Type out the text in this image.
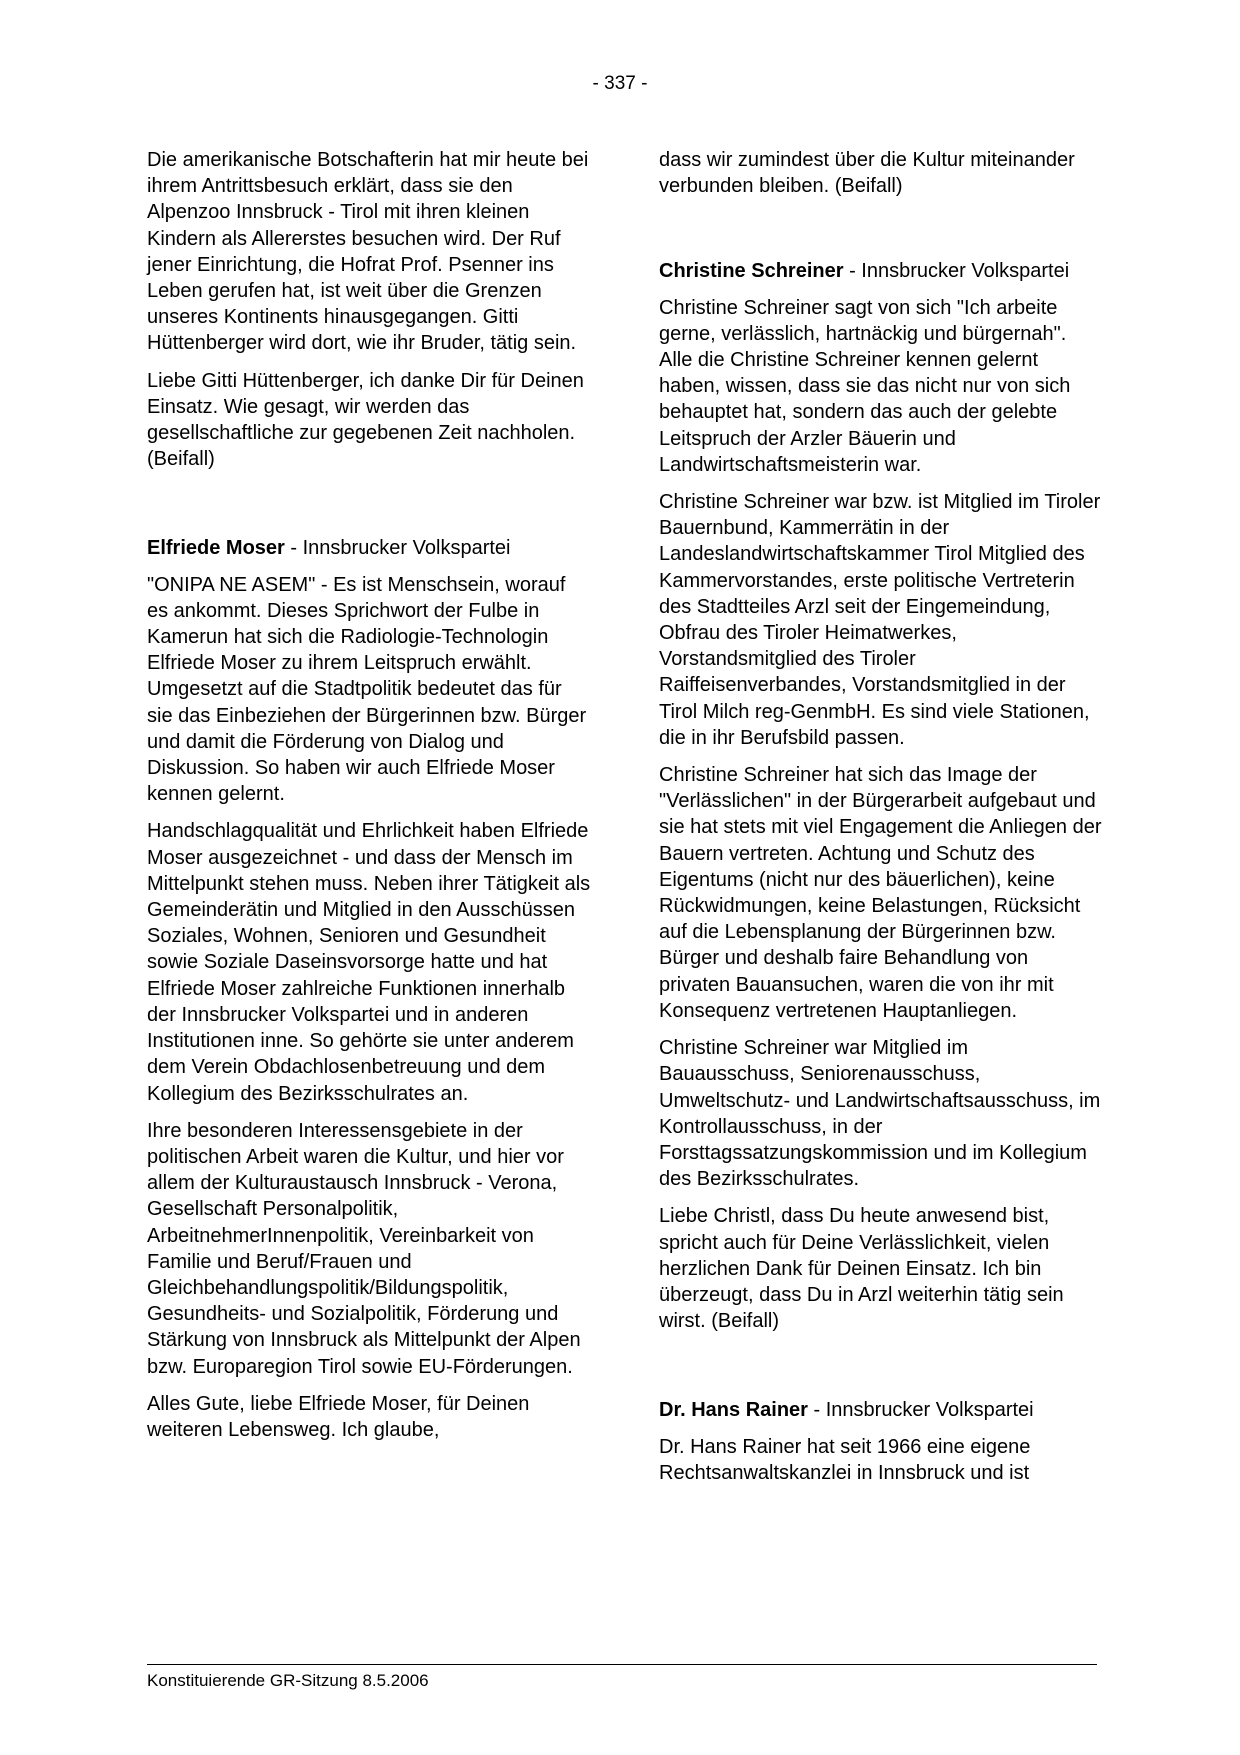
- 337 -

Die amerikanische Botschafterin hat mir heute bei ihrem Antrittsbesuch erklärt, dass sie den Alpenzoo Innsbruck - Tirol mit ihren kleinen Kindern als Allererstes besuchen wird. Der Ruf jener Einrichtung, die Hofrat Prof. Psenner ins Leben gerufen hat, ist weit über die Grenzen unseres Kontinents hinausgegangen. Gitti Hüttenberger wird dort, wie ihr Bruder, tätig sein.

Liebe Gitti Hüttenberger, ich danke Dir für Deinen Einsatz. Wie gesagt, wir werden das gesellschaftliche zur gegebenen Zeit nachholen. (Beifall)

Elfriede Moser - Innsbrucker Volkspartei

"ONIPA NE ASEM" - Es ist Menschsein, worauf es ankommt. Dieses Sprichwort der Fulbe in Kamerun hat sich die Radiologie-Technologin Elfriede Moser zu ihrem Leitspruch erwählt. Umgesetzt auf die Stadtpolitik bedeutet das für sie das Einbeziehen der Bürgerinnen bzw. Bürger und damit die Förderung von Dialog und Diskussion. So haben wir auch Elfriede Moser kennen gelernt.

Handschlagqualität und Ehrlichkeit haben Elfriede Moser ausgezeichnet - und dass der Mensch im Mittelpunkt stehen muss. Neben ihrer Tätigkeit als Gemeinderätin und Mitglied in den Ausschüssen Soziales, Wohnen, Senioren und Gesundheit sowie Soziale Daseinsvorsorge hatte und hat Elfriede Moser zahlreiche Funktionen innerhalb der Innsbrucker Volkspartei und in anderen Institutionen inne. So gehörte sie unter anderem dem Verein Obdachlosenbetreuung und dem Kollegium des Bezirksschulrates an.

Ihre besonderen Interessensgebiete in der politischen Arbeit waren die Kultur, und hier vor allem der Kulturaustausch Innsbruck - Verona, Gesellschaft Personalpolitik, ArbeitnehmerInnenpolitik, Vereinbarkeit von Familie und Beruf/Frauen und Gleichbehandlungspolitik/Bildungspolitik, Gesundheits- und Sozialpolitik, Förderung und Stärkung von Innsbruck als Mittelpunkt der Alpen bzw. Europaregion Tirol sowie EU-Förderungen.

Alles Gute, liebe Elfriede Moser, für Deinen weiteren Lebensweg. Ich glaube,

dass wir zumindest über die Kultur miteinander verbunden bleiben. (Beifall)

Christine Schreiner - Innsbrucker Volkspartei

Christine Schreiner sagt von sich "Ich arbeite gerne, verlässlich, hartnäckig und bürgernah". Alle die Christine Schreiner kennen gelernt haben, wissen, dass sie das nicht nur von sich behauptet hat, sondern das auch der gelebte Leitspruch der Arzler Bäuerin und Landwirtschaftsmeisterin war.

Christine Schreiner war bzw. ist Mitglied im Tiroler Bauernbund, Kammerrätin in der Landeslandwirtschaftskammer Tirol Mitglied des Kammervorstandes, erste politische Vertreterin des Stadtteiles Arzl seit der Eingemeindung, Obfrau des Tiroler Heimatwerkes, Vorstandsmitglied des Tiroler Raiffeisenverbandes, Vorstandsmitglied in der Tirol Milch reg-GenmbH. Es sind viele Stationen, die in ihr Berufsbild passen.

Christine Schreiner hat sich das Image der "Verlässlichen" in der Bürgerarbeit aufgebaut und sie hat stets mit viel Engagement die Anliegen der Bauern vertreten. Achtung und Schutz des Eigentums (nicht nur des bäuerlichen), keine Rückwidmungen, keine Belastungen, Rücksicht auf die Lebensplanung der Bürgerinnen bzw. Bürger und deshalb faire Behandlung von privaten Bauansuchen, waren die von ihr mit Konsequenz vertretenen Hauptanliegen.

Christine Schreiner war Mitglied im Bauausschuss, Seniorenausschuss, Umweltschutz- und Landwirtschaftsausschuss, im Kontrollausschuss, in der Forsttagssatzungskommission und im Kollegium des Bezirksschulrates.

Liebe Christl, dass Du heute anwesend bist, spricht auch für Deine Verlässlichkeit, vielen herzlichen Dank für Deinen Einsatz. Ich bin überzeugt, dass Du in Arzl weiterhin tätig sein wirst. (Beifall)

Dr. Hans Rainer - Innsbrucker Volkspartei

Dr. Hans Rainer hat seit 1966 eine eigene Rechtsanwaltskanzlei in Innsbruck und ist

Konstituierende GR-Sitzung 8.5.2006
